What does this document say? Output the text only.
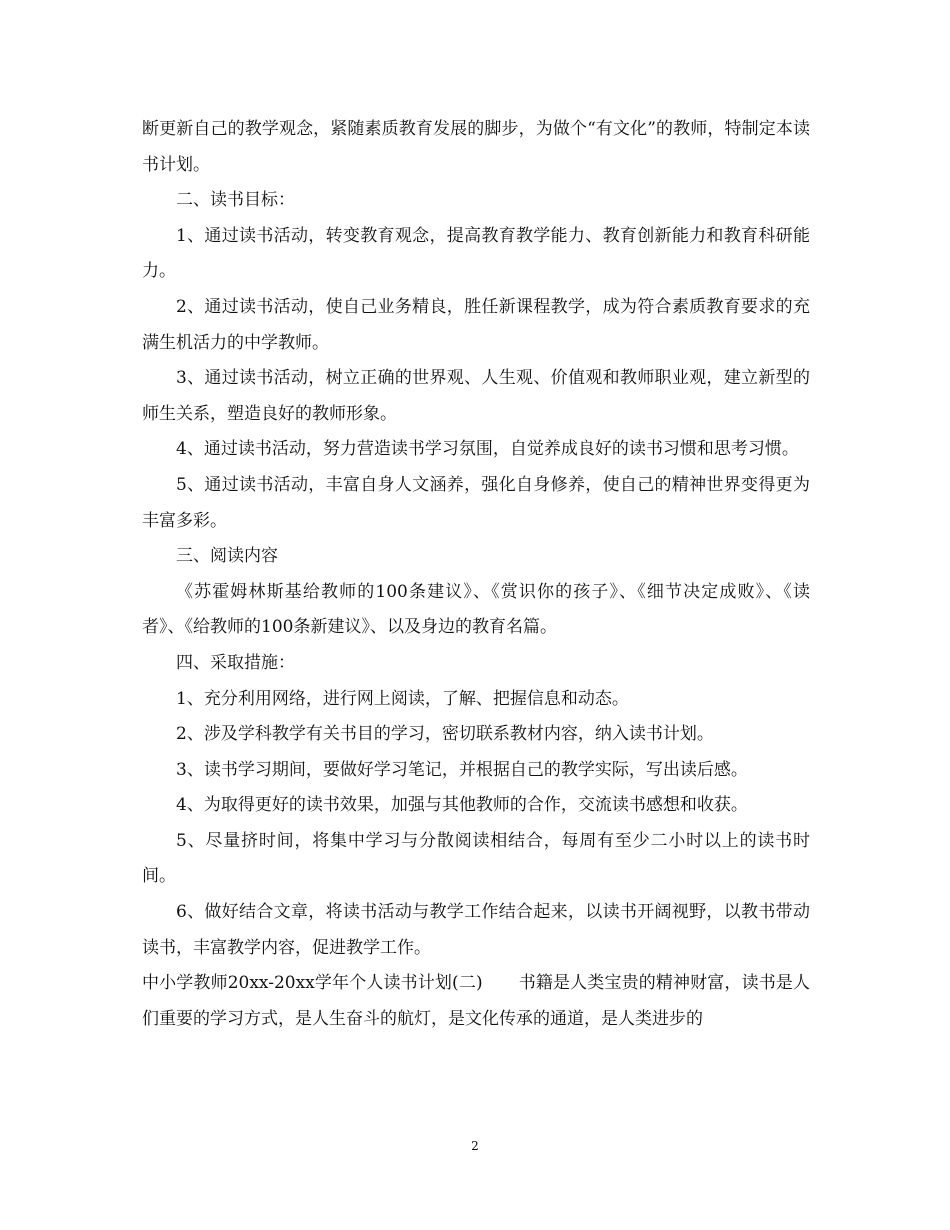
断更新自己的教学观念，紧随素质教育发展的脚步，为做个“有文化”的教师，特制定本读书计划。

二、读书目标：

1、通过读书活动，转变教育观念，提高教育教学能力、教育创新能力和教育科研能力。

2、通过读书活动，使自己业务精良，胜任新课程教学，成为符合素质教育要求的充满生机活力的中学教师。

3、通过读书活动，树立正确的世界观、人生观、价值观和教师职业观，建立新型的师生关系，塑造良好的教师形象。

4、通过读书活动，努力营造读书学习氛围，自觉养成良好的读书习惯和思考习惯。

5、通过读书活动，丰富自身人文涵养，强化自身修养，使自己的精神世界变得更为丰富多彩。

三、阅读内容

《苏霍姆林斯基给教师的100条建议》、《赏识你的孩子》、《细节决定成败》、《读者》、《给教师的100条新建议》、以及身边的教育名篇。

四、采取措施：

1、充分利用网络，进行网上阅读，了解、把握信息和动态。

2、涉及学科教学有关书目的学习，密切联系教材内容，纳入读书计划。

3、读书学习期间，要做好学习笔记，并根据自己的教学实际，写出读后感。

4、为取得更好的读书效果，加强与其他教师的合作，交流读书感想和收获。

5、尽量挤时间，将集中学习与分散阅读相结合，每周有至少二小时以上的读书时间。

6、做好结合文章，将读书活动与教学工作结合起来，以读书开阔视野，以教书带动读书，丰富教学内容，促进教学工作。

中小学教师20xx-20xx学年个人读书计划(二) 书籍是人类宝贵的精神财富，读书是人们重要的学习方式，是人生奋斗的航灯，是文化传承的通道，是人类进步的

2
